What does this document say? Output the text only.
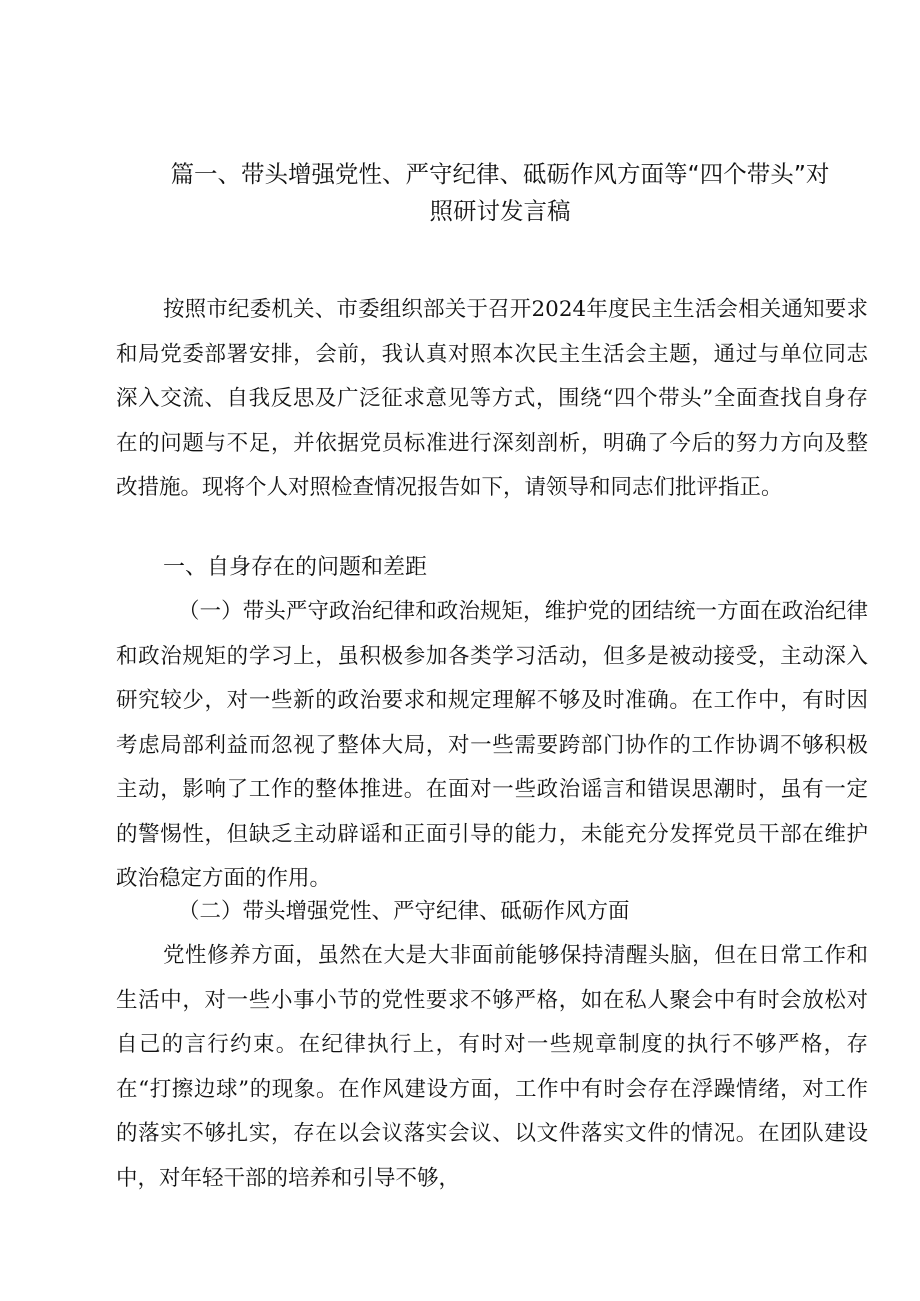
篇一、带头增强党性、严守纪律、砥砺作风方面等“四个带头”对
照研讨发言稿
按照市纪委机关、市委组织部关于召开2024年度民主生活会相关通知要求和局党委部署安排，会前，我认真对照本次民主生活会主题，通过与单位同志深入交流、自我反思及广泛征求意见等方式，围绕“四个带头”全面查找自身存在的问题与不足，并依据党员标准进行深刻剖析，明确了今后的努力方向及整改措施。现将个人对照检查情况报告如下，请领导和同志们批评指正。
一、自身存在的问题和差距
（一）带头严守政治纪律和政治规矩，维护党的团结统一方面在政治纪律和政治规矩的学习上，虽积极参加各类学习活动，但多是被动接受，主动深入研究较少，对一些新的政治要求和规定理解不够及时准确。在工作中，有时因考虑局部利益而忽视了整体大局，对一些需要跨部门协作的工作协调不够积极主动，影响了工作的整体推进。在面对一些政治谣言和错误思潮时，虽有一定的警惕性，但缺乏主动辟谣和正面引导的能力，未能充分发挥党员干部在维护政治稳定方面的作用。
（二）带头增强党性、严守纪律、砥砺作风方面
党性修养方面，虽然在大是大非面前能够保持清醒头脑，但在日常工作和生活中，对一些小事小节的党性要求不够严格，如在私人聚会中有时会放松对自己的言行约束。在纪律执行上，有时对一些规章制度的执行不够严格，存在“打擦边球”的现象。在作风建设方面，工作中有时会存在浮躁情绪，对工作的落实不够扎实，存在以会议落实会议、以文件落实文件的情况。在团队建设中，对年轻干部的培养和引导不够，
